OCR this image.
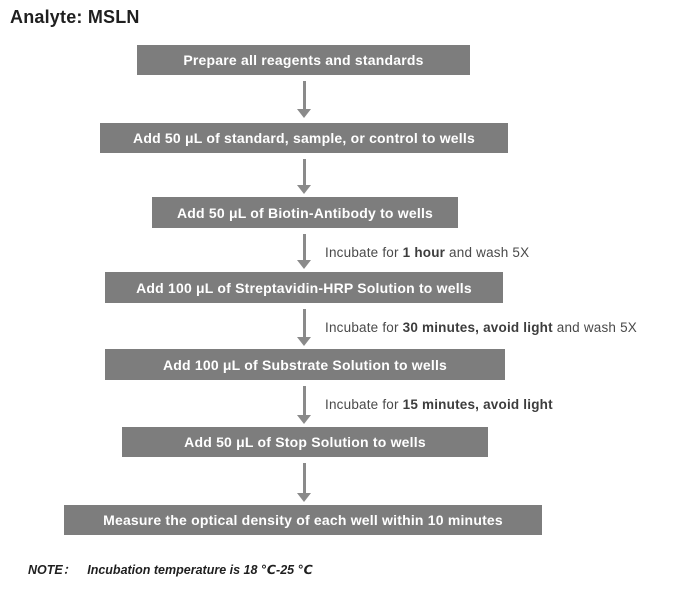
Analyte: MSLN
Prepare all reagents and standards
Add 50 μL of standard, sample, or control to wells
Add 50 μL of Biotin-Antibody to wells
Incubate for 1 hour and wash 5X
Add 100 μL of Streptavidin-HRP Solution to wells
Incubate for 30 minutes, avoid light and wash 5X
Add 100 μL of Substrate Solution to wells
Incubate for 15 minutes, avoid light
Add 50 μL of Stop Solution to wells
Measure the optical density of each well within 10 minutes
NOTE： Incubation temperature is 18 ℃-25 ℃
